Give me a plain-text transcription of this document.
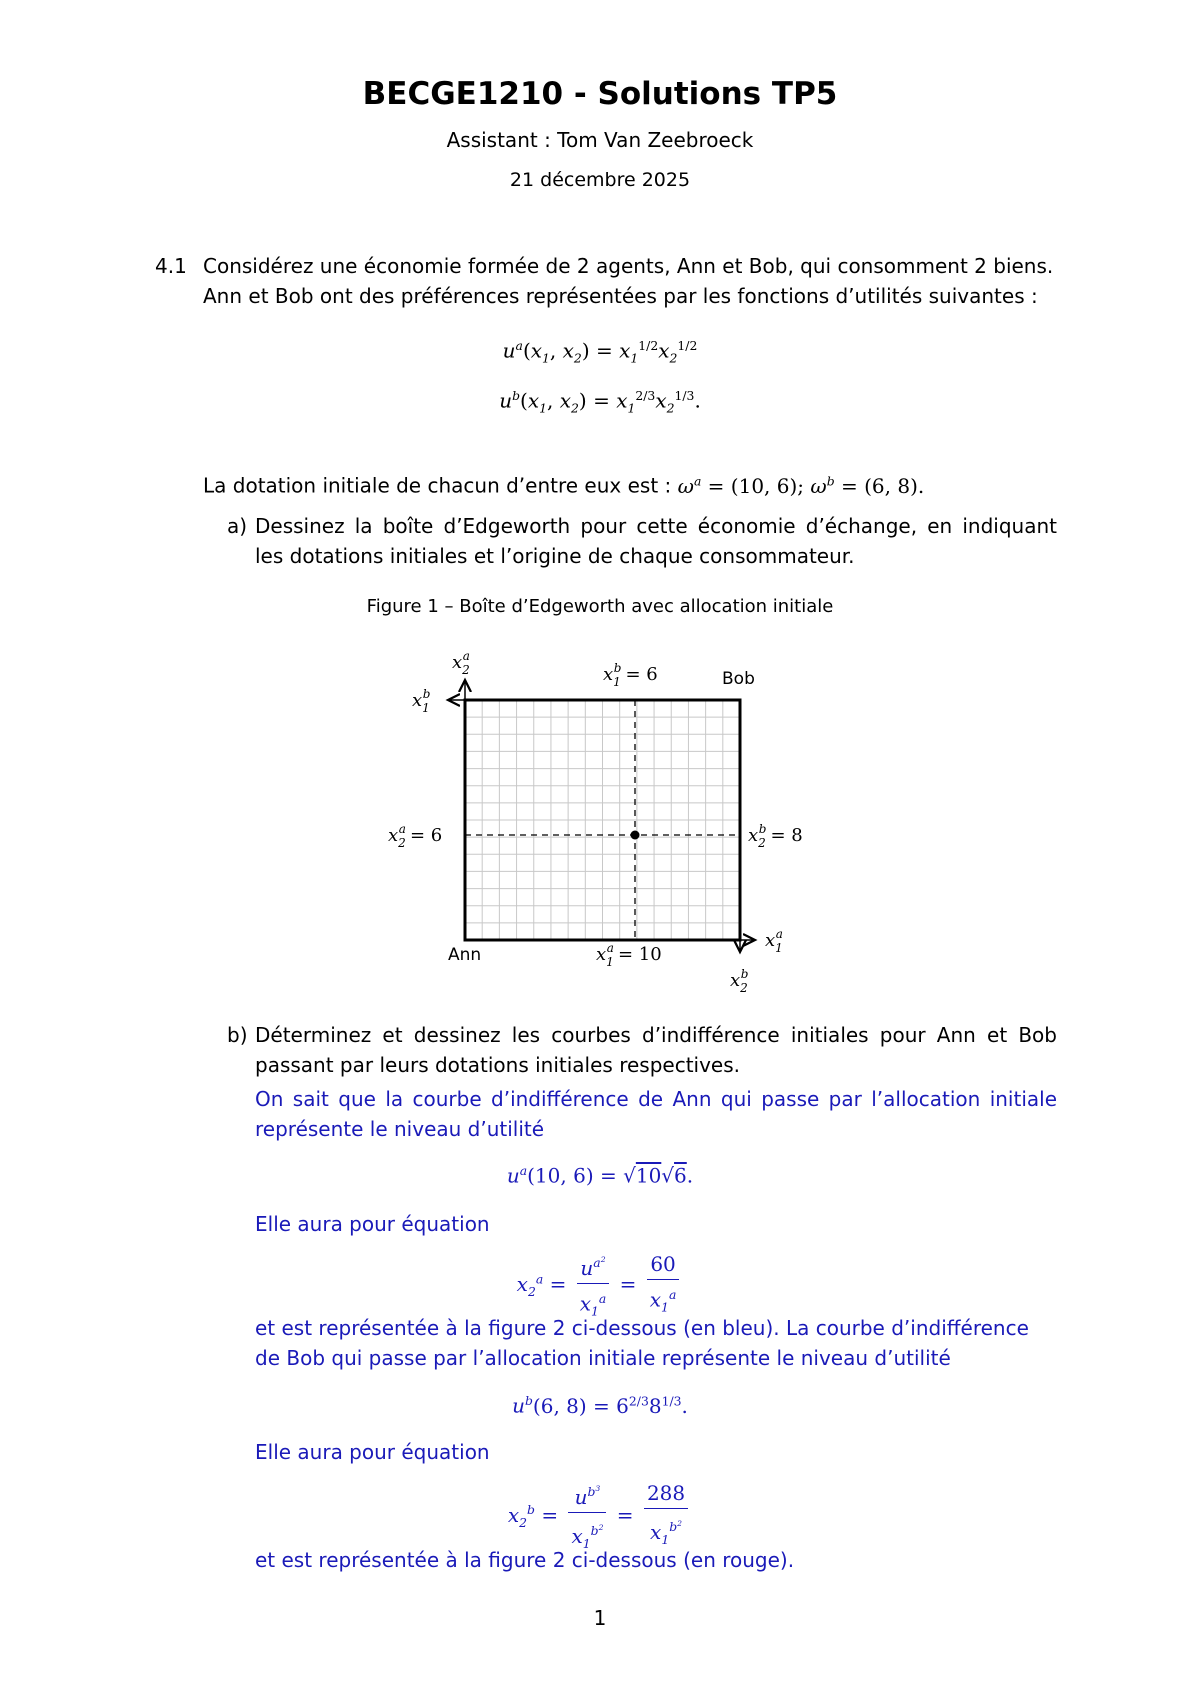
BECGE1210 - Solutions TP5
Assistant : Tom Van Zeebroeck
21 décembre 2025
4.1 Considérez une économie formée de 2 agents, Ann et Bob, qui consomment 2 biens. Ann et Bob ont des préférences représentées par les fonctions d’utilités suivantes :
$u^a(x_1$, $x_2) = x_1^{1/2}x_2^{1/2}$
$u^b(x_1$, $x_2) = x_1^{2/3}x_2^{1/3}$.
La dotation initiale de chacun d’entre eux est : $\omega^a = (10$, 6); $\omega^b = (6$, 8).
a) Dessinez la boîte d’Edgeworth pour cette économie d’échange, en indiquant les dotations initiales et l’origine de chaque consommateur.
Figure 1 – Boîte d’Edgeworth avec allocation initiale
$x_2a$
$x_1b$
$x_1b = 6$	Bob
$x_2a = 6$	$x_2b = 8$
Ann	$x_1a = 10$
$x_1a$
$x_2b$
b) Déterminez et dessinez les courbes d’indifférence initiales pour Ann et Bob passant par leurs dotations initiales respectives.
On sait que la courbe d’indifférence de Ann qui passe par l’allocation initiale représente le niveau d’utilité
$u^a(10$, 6) = √10√6.
Elle aura pour équation
$x_2^a = \frac{u^{a^2}}{x_1^a} = \frac{60}{x_1^a}$
et est représentée à la figure 2 ci-dessous (en bleu). La courbe d’indifférence de Bob qui passe par l’allocation initiale représente le niveau d’utilité
$u^b(6$, $8) = 6^{2/3}8^{1/3}$.
Elle aura pour équation
$x_2^b = \frac{u^{b^3}}{x_1^{b^2}} = \frac{288}{x_1^{b^2}}$
et est représentée à la figure 2 ci-dessous (en rouge).
1
